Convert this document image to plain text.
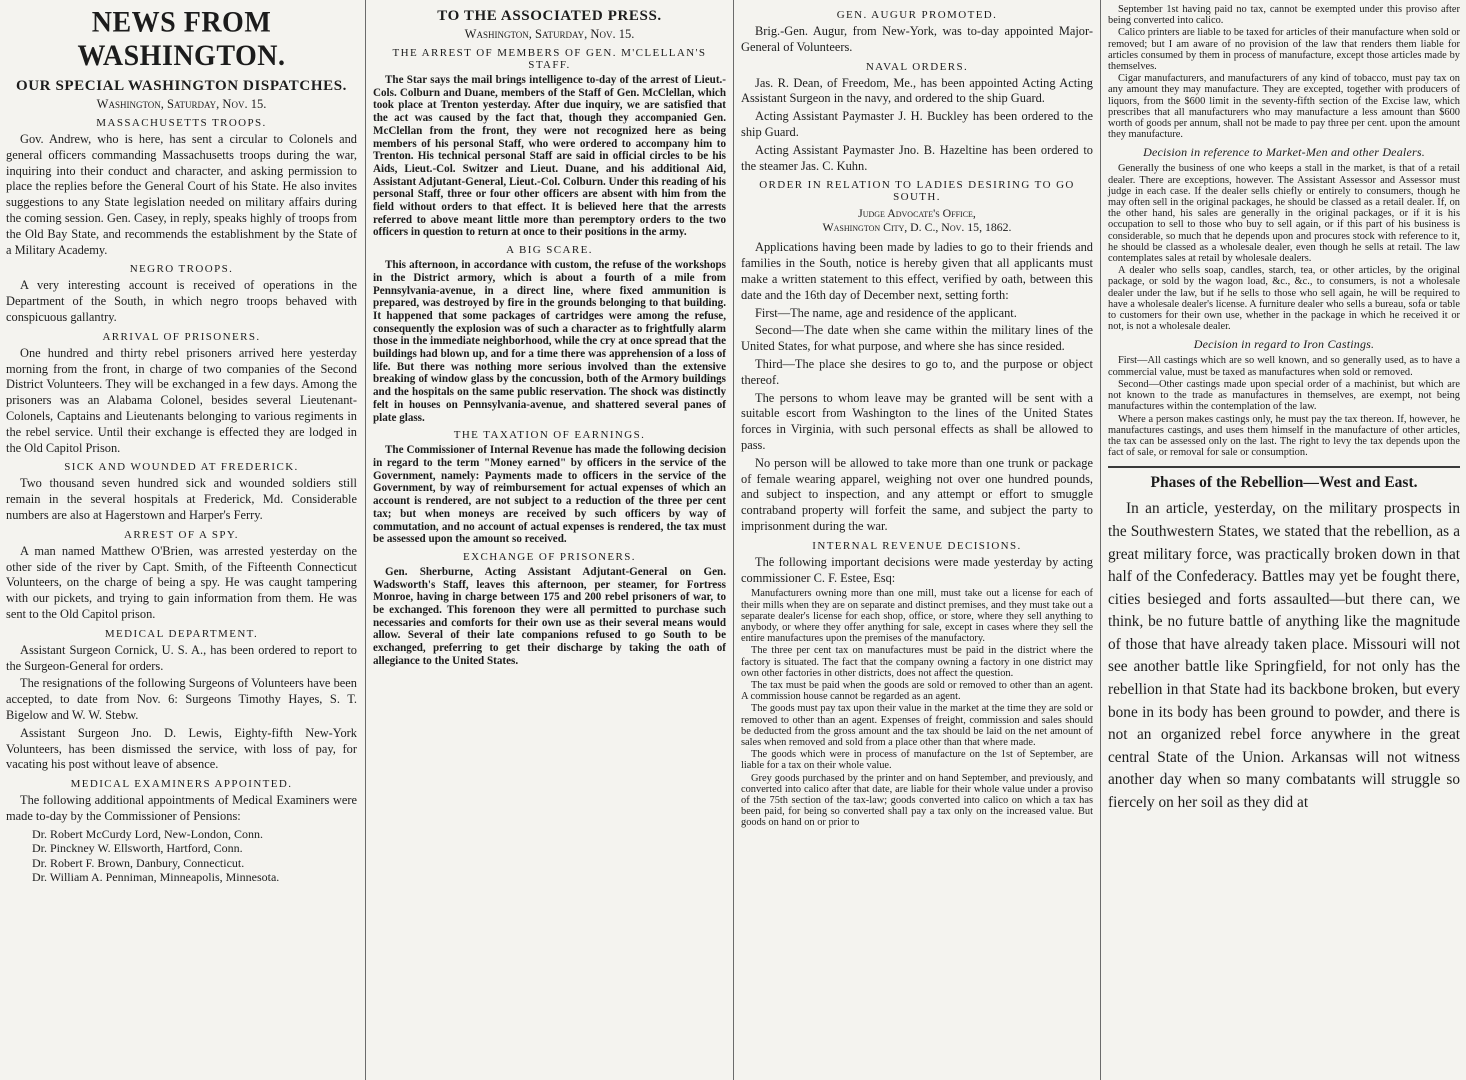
NEWS FROM WASHINGTON.
OUR SPECIAL WASHINGTON DISPATCHES.
Washington, Saturday, Nov. 15.
MASSACHUSETTS TROOPS.

Gov. Andrew, who is here, has sent a circular to Colonels and general officers commanding Massachusetts troops during the war, inquiring into their conduct and character, and asking permission to place the replies before the General Court of his State. He also invites suggestions to any State legislation needed on military affairs during the coming session. Gen. Casey, in reply, speaks highly of troops from the Old Bay State, and recommends the establishment by the State of a Military Academy.

NEGRO TROOPS.

A very interesting account is received of operations in the Department of the South, in which negro troops behaved with conspicuous gallantry.

ARRIVAL OF PRISONERS.

One hundred and thirty rebel prisoners arrived here yesterday morning from the front, in charge of two companies of the Second District Volunteers. They will be exchanged in a few days. Among the prisoners was an Alabama Colonel, besides several Lieutenant-Colonels, Captains and Lieutenants belonging to various regiments in the rebel service. Until their exchange is effected they are lodged in the Old Capitol Prison.

SICK AND WOUNDED AT FREDERICK.

Two thousand seven hundred sick and wounded soldiers still remain in the several hospitals at Frederick, Md. Considerable numbers are also at Hagerstown and Harper's Ferry.

ARREST OF A SPY.

A man named Matthew O'Brien, was arrested yesterday on the other side of the river by Capt. Smith, of the Fifteenth Connecticut Volunteers, on the charge of being a spy. He was caught tampering with our pickets, and trying to gain information from them. He was sent to the Old Capitol prison.

MEDICAL DEPARTMENT.

Assistant Surgeon Cornick, U. S. A., has been ordered to report to the Surgeon-General for orders.

The resignations of the following Surgeons of Volunteers have been accepted, to date from Nov. 6: Surgeons Timothy Hayes, S. T. Bigelow and W. W. Stebw.

Assistant Surgeon Jno. D. Lewis, Eighty-fifth New-York Volunteers, has been dismissed the service, with loss of pay, for vacating his post without leave of absence.

MEDICAL EXAMINERS APPOINTED.

The following additional appointments of Medical Examiners were made to-day by the Commissioner of Pensions:

Dr. Robert McCurdy Lord, New-London, Conn.
Dr. Pinckney W. Ellsworth, Hartford, Conn.
Dr. Robert F. Brown, Danbury, Connecticut.
Dr. William A. Penniman, Minneapolis, Minnesota.
TO THE ASSOCIATED PRESS.
Washington, Saturday, Nov. 15.
THE ARREST OF MEMBERS OF GEN. M'CLELLAN'S STAFF.

The Star says the mail brings intelligence to-day of the arrest of Lieut.-Cols. Colburn and Duane, members of the Staff of Gen. McClellan, which took place at Trenton yesterday. After due inquiry, we are satisfied that the act was caused by the fact that, though they accompanied Gen. McClellan from the front, they were not recognized here as being members of his personal Staff, who were ordered to accompany him to Trenton. His technical personal Staff are said in official circles to be his Aids, Lieut.-Col. Switzer and Lieut. Duane, and his additional Aid, Assistant Adjutant-General, Lieut.-Col. Colburn. Under this reading of his personal Staff, three or four other officers are absent with him from the field without orders to that effect. It is believed here that the arrests referred to above meant little more than peremptory orders to the two officers in question to return at once to their positions in the army.

A BIG SCARE.

This afternoon, in accordance with custom, the refuse of the workshops in the District armory, which is about a fourth of a mile from Pennsylvania-avenue, in a direct line, where fixed ammunition is prepared, was destroyed by fire in the grounds belonging to that building. It happened that some packages of cartridges were among the refuse, consequently the explosion was of such a character as to frightfully alarm those in the immediate neighborhood, while the cry at once spread that the buildings had blown up, and for a time there was apprehension of a loss of life. But there was nothing more serious involved than the extensive breaking of window glass by the concussion, both of the Armory buildings and the hospitals on the same public reservation. The shock was distinctly felt in houses on Pennsylvania-avenue, and shattered several panes of plate glass.

THE TAXATION OF EARNINGS.

The Commissioner of Internal Revenue has made the following decision in regard to the term "Money earned" by officers in the service of the Government, namely: Payments made to officers in the service of the Government, by way of reimbursement for actual expenses of which an account is rendered, are not subject to a reduction of the three per cent tax; but when moneys are received by such officers by way of commutation, and no account of actual expenses is rendered, the tax must be assessed upon the amount so received.

EXCHANGE OF PRISONERS.

Gen. Sherburne, Acting Assistant Adjutant-General on Gen. Wadsworth's Staff, leaves this afternoon, per steamer, for Fortress Monroe, having in charge between 175 and 200 rebel prisoners of war, to be exchanged. This forenoon they were all permitted to purchase such necessaries and comforts for their own use as their several means would allow. Several of their late companions refused to go South to be exchanged, preferring to get their discharge by taking the oath of allegiance to the United States.

GEN. AUGUR PROMOTED.

Brig.-Gen. Augur, from New-York, was to-day appointed Major-General of Volunteers.

NAVAL ORDERS.

Jas. R. Dean, of Freedom, Me., has been appointed Acting Acting Assistant Surgeon in the navy, and ordered to the ship Guard.

Acting Assistant Paymaster J. H. Buckley has been ordered to the ship Guard.

Acting Assistant Paymaster Jno. B. Hazeltine has been ordered to the steamer Jas. C. Kuhn.

ORDER IN RELATION TO LADIES DESIRING TO GO SOUTH.
Judge Advocate's Office,
Washington City, D. C., Nov. 15, 1862.

Applications having been made by ladies to go to their friends and families in the South, notice is hereby given that all applicants must make a written statement to this effect, verified by oath, between this date and the 16th day of December next, setting forth:

First—The name, age and residence of the applicant.

Second—The date when she came within the military lines of the United States, for what purpose, and where she has since resided.

Third—The place she desires to go to, and the purpose or object thereof.

The persons to whom leave may be granted will be sent with a suitable escort from Washington to the lines of the United States forces in Virginia, with such personal effects as shall be allowed to pass.

No person will be allowed to take more than one trunk or package of female wearing apparel, weighing not over one hundred pounds, and subject to inspection, and any attempt or effort to smuggle contraband property will forfeit the same, and subject the party to imprisonment during the war.

INTERNAL REVENUE DECISIONS.

The following important decisions were made yesterday by acting commissioner C. F. Estee, Esq:

Manufacturers owning more than one mill, must take out a license for each of their mills when they are on separate and distinct premises, and they must take out a separate dealer's license for each shop, office, or store, where they sell anything to anybody, or where they offer anything for sale, except in cases where they sell the entire manufactures upon the premises of the manufactory.

The three per cent tax on manufactures must be paid in the district where the factory is situated. The fact that the company owning a factory in one district may own other factories in other districts, does not affect the question.

The tax must be paid when the goods are sold or removed to other than an agent. A commission house cannot be regarded as an agent.

The goods must pay tax upon their value in the market at the time they are sold or removed to other than an agent. Expenses of freight, commission and sales should be deducted from the gross amount and the tax should be laid on the net amount of sales when removed and sold from a place other than that where made.

The goods which were in process of manufacture on the 1st of September, are liable for a tax on their whole value.

Grey goods purchased by the printer and on hand September, and previously, and converted into calico after that date, are liable for their whole value under a proviso of the 75th section of the tax-law; goods converted into calico on which a tax has been paid, for being so converted shall pay a tax only on the increased value. But goods on hand on or prior to

September 1st having paid no tax, cannot be exempted under this proviso after being converted into calico.

Calico printers are liable to be taxed for articles of their manufacture when sold or removed; but I am aware of no provision of the law that renders them liable for articles consumed by them in process of manufacture, except those articles made by themselves.

Cigar manufacturers, and manufacturers of any kind of tobacco, must pay tax on any amount they may manufacture. They are excepted, together with producers of liquors, from the $600 limit in the seventy-fifth section of the Excise law, which prescribes that all manufacturers who may manufacture a less amount than $600 worth of goods per annum, shall not be made to pay three per cent. upon the amount they manufacture.

Decision in reference to Market-Men and other Dealers.

Generally the business of one who keeps a stall in the market, is that of a retail dealer. There are exceptions, however. The Assistant Assessor and Assessor must judge in each case. If the dealer sells chiefly or entirely to consumers, though he may often sell in the original packages, he should be classed as a retail dealer. If, on the other hand, his sales are generally in the original packages, or if it is his occupation to sell to those who buy to sell again, or if this part of his business is considerable, so much that he depends upon and procures stock with reference to it, he should be classed as a wholesale dealer, even though he sells at retail. The law contemplates sales at retail by wholesale dealers.

A dealer who sells soap, candles, starch, tea, or other articles, by the original package, or sold by the wagon load, &c., &c., to consumers, is not a wholesale dealer under the law, but if he sells to those who sell again, he will be required to have a wholesale dealer's license. A furniture dealer who sells a bureau, sofa or table to customers for their own use, whether in the package in which he received it or not, is not a wholesale dealer.

Decision in regard to Iron Castings.

First—All castings which are so well known, and so generally used, as to have a commercial value, must be taxed as manufactures when sold or removed.

Second—Other castings made upon special order of a machinist, but which are not known to the trade as manufactures in themselves, are exempt, not being manufactures within the contemplation of the law.

Where a person makes castings only, he must pay the tax thereon. If, however, he manufactures castings, and uses them himself in the manufacture of other articles, the tax can be assessed only on the last. The right to levy the tax depends upon the fact of sale, or removal for sale or consumption.

Phases of the Rebellion—West and East.

In an article, yesterday, on the military prospects in the Southwestern States, we stated that the rebellion, as a great military force, was practically broken down in that half of the Confederacy. Battles may yet be fought there, cities besieged and forts assaulted—but there can, we think, be no future battle of anything like the magnitude of those that have already taken place. Missouri will not see another battle like Springfield, for not only has the rebellion in that State had its backbone broken, but every bone in its body has been ground to powder, and there is not an organized rebel force anywhere in the great central State of the Union. Arkansas will not witness another day when so many combatants will struggle so fiercely on her soil as they did at
